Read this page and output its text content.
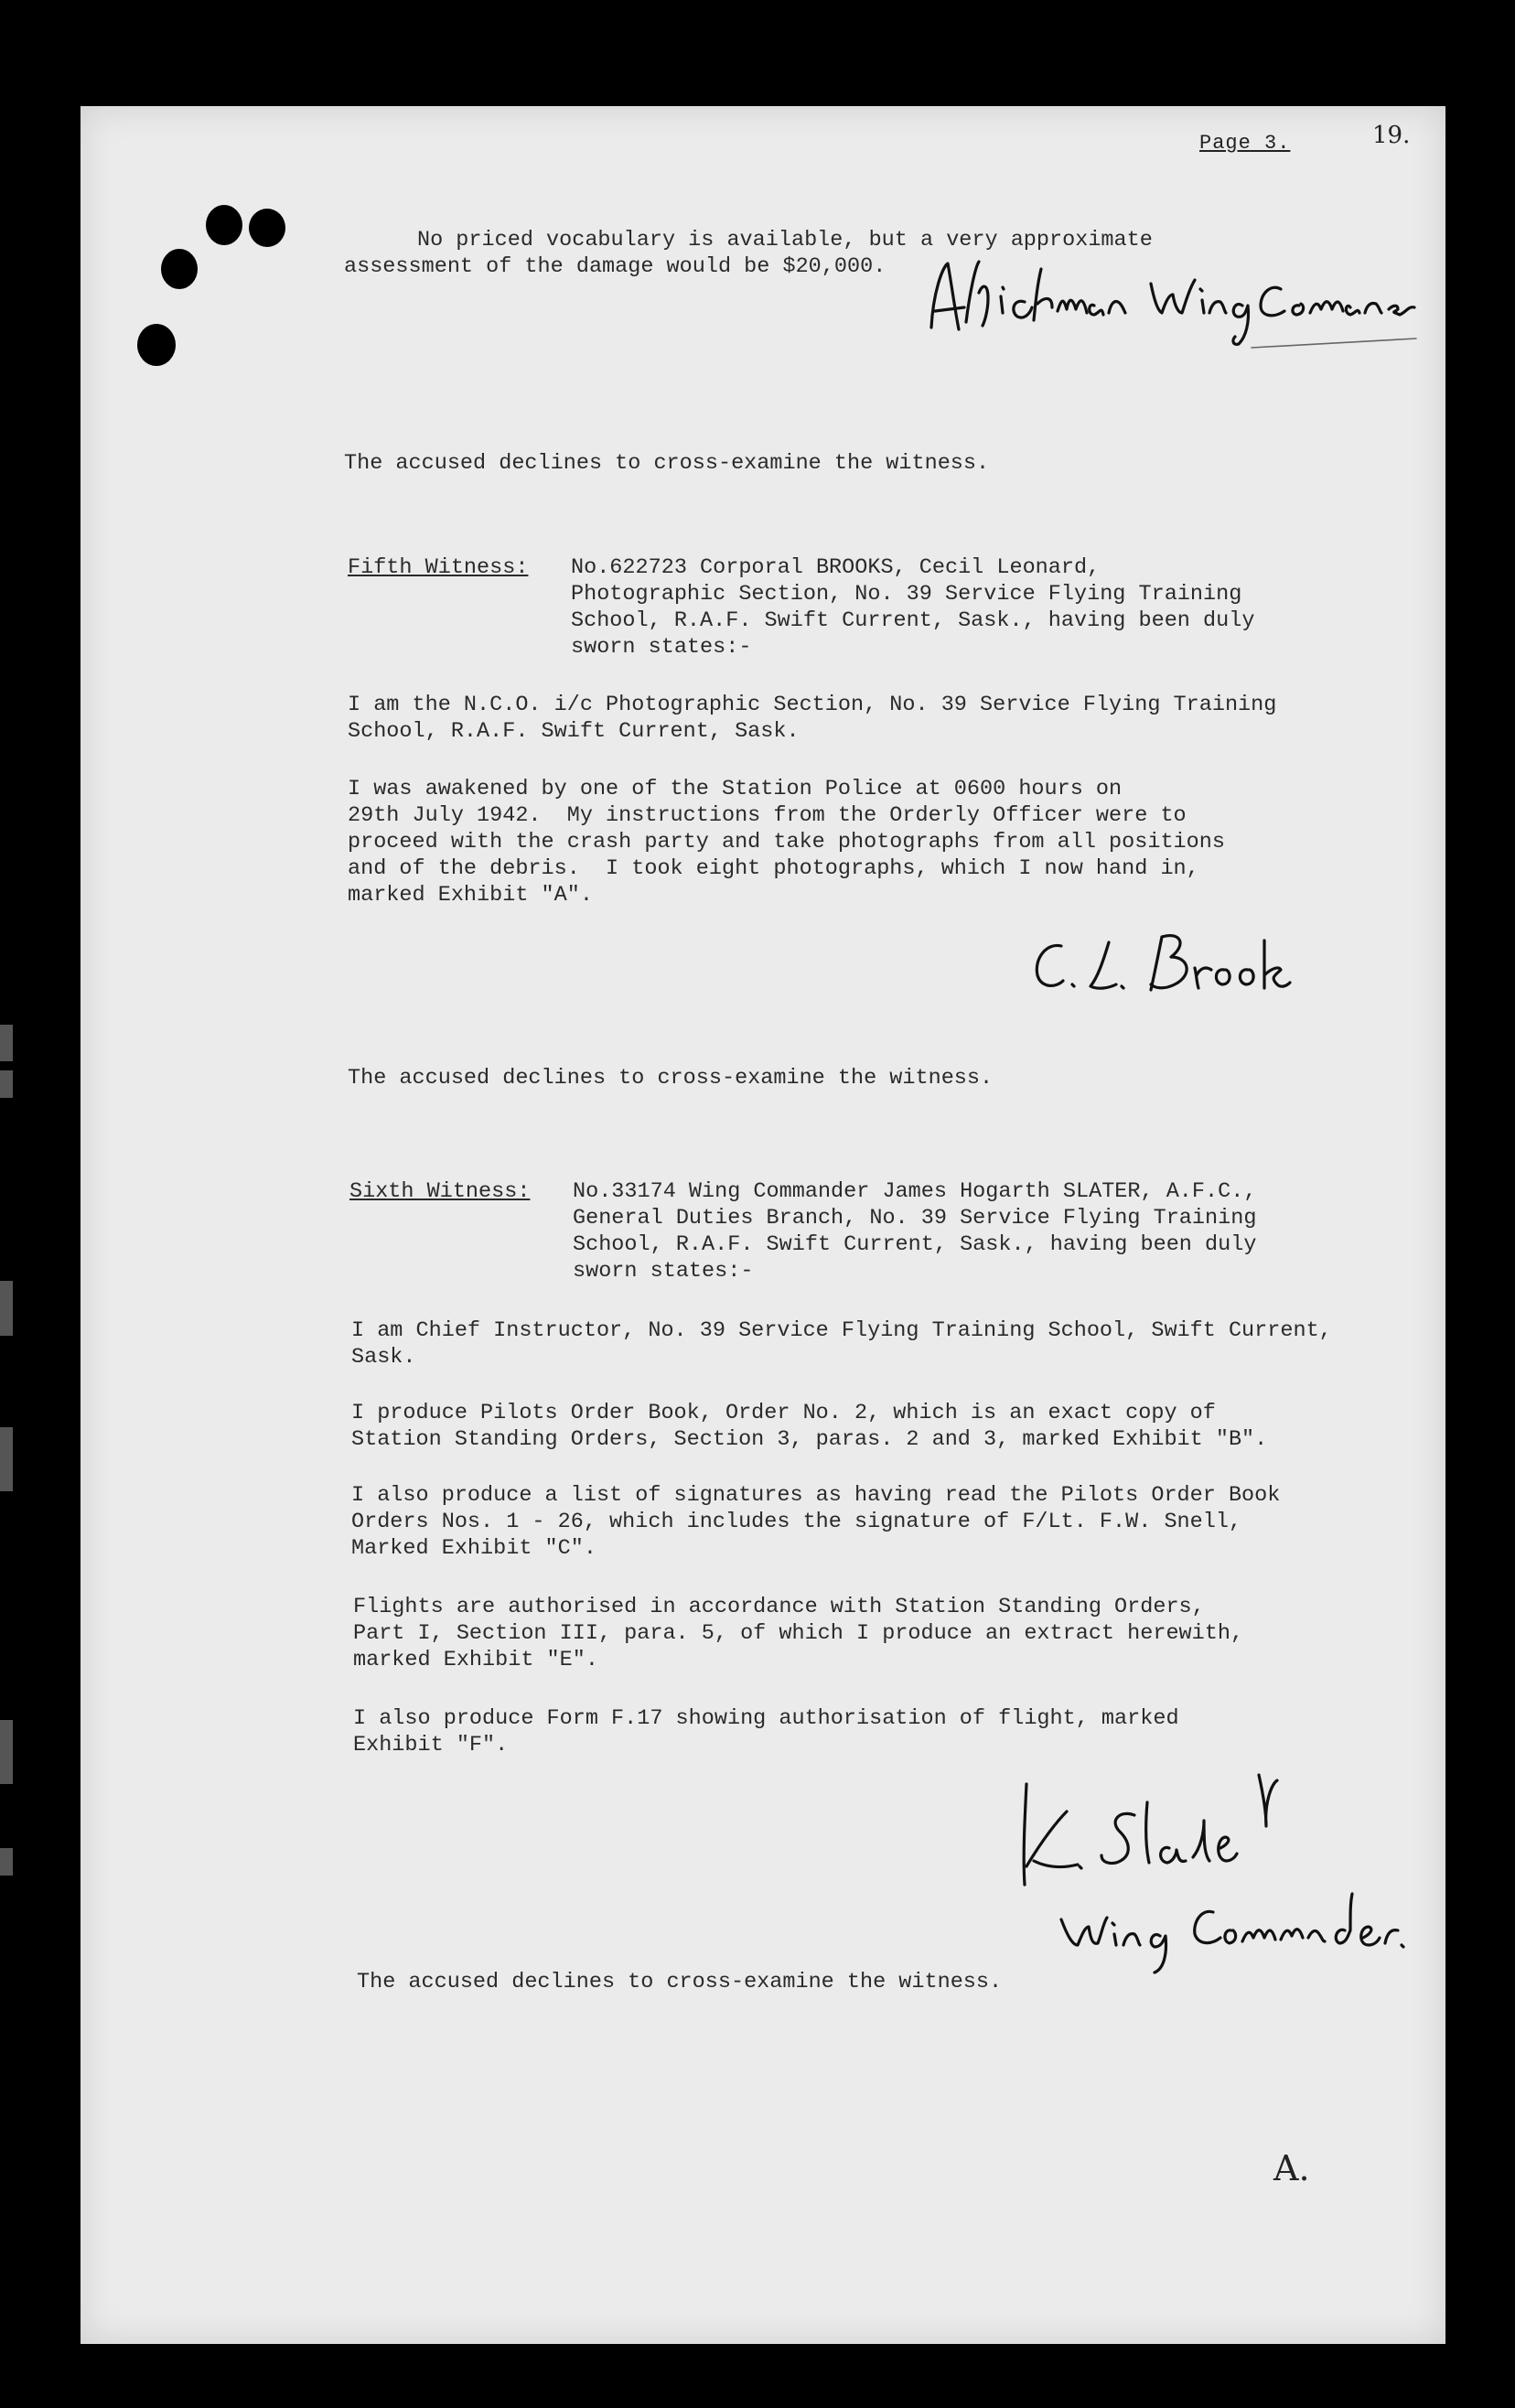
Page 3.	19.

No priced vocabulary is available, but a very approximate

assessment of the damage would be $20,000.

The accused declines to cross-examine the witness.

Fifth Witness: No.622723 Corporal BROOKS, Cecil Leonard,

Photographic Section, No. 39 Service Flying Training

School, R.A.F. Swift Current, Sask., having been duly

sworn states:-

I am the N.C.O. i/c Photographic Section, No. 39 Service Flying Training

School, R.A.F. Swift Current, Sask.

I was awakened by one of the Station Police at 0600 hours on

29th July 1942.  My instructions from the Orderly Officer were to

proceed with the crash party and take photographs from all positions

and of the debris.  I took eight photographs, which I now hand in,

marked Exhibit "A".

The accused declines to cross-examine the witness.

Sixth Witness: No.33174 Wing Commander James Hogarth SLATER, A.F.C.,

General Duties Branch, No. 39 Service Flying Training

School, R.A.F. Swift Current, Sask., having been duly

sworn states:-

I am Chief Instructor, No. 39 Service Flying Training School, Swift Current,

Sask.

I produce Pilots Order Book, Order No. 2, which is an exact copy of

Station Standing Orders, Section 3, paras. 2 and 3, marked Exhibit "B".

I also produce a list of signatures as having read the Pilots Order Book

Orders Nos. 1 - 26, which includes the signature of F/Lt. F.W. Snell,

Marked Exhibit "C".

Flights are authorised in accordance with Station Standing Orders,

Part I, Section III, para. 5, of which I produce an extract herewith,

marked Exhibit "E".

I also produce Form F.17 showing authorisation of flight, marked

Exhibit "F".

The accused declines to cross-examine the witness.

A.
